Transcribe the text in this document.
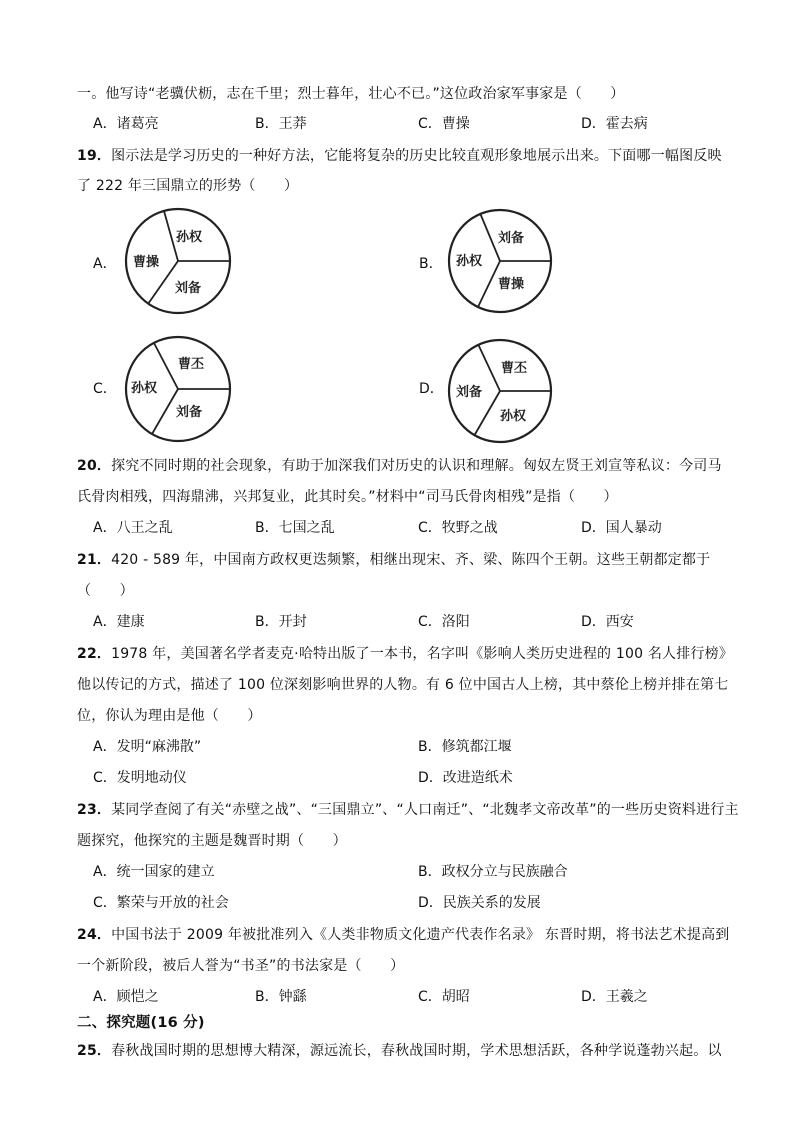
一。他写诗“老骥伏枥，志在千里；烈士暮年，壮心不已。”这位政治家军事家是（　　）
A．诸葛亮	B．王莽	C．曹操	D．霍去病
19．图示法是学习历史的一种好方法，它能将复杂的历史比较直观形象地展示出来。下面哪一幅图反映
了 222 年三国鼎立的形势（　　）
A．
孙权
曹操
刘备
B．
刘备
孙权
曹操
C．
曹丕
孙权
刘备
D．
曹丕
刘备
孙权
20．探究不同时期的社会现象，有助于加深我们对历史的认识和理解。匈奴左贤王刘宣等私议：今司马
氏骨肉相残，四海鼎沸，兴邦复业，此其时矣。”材料中“司马氏骨肉相残”是指（　　）
A．八王之乱	B．七国之乱	C．牧野之战	D．国人暴动
21．420 - 589 年，中国南方政权更迭频繁，相继出现宋、齐、梁、陈四个王朝。这些王朝都定都于
（　　）
A．建康	B．开封	C．洛阳	D．西安
22．1978 年，美国著名学者麦克·哈特出版了一本书，名字叫《影响人类历史进程的 100 名人排行榜》
他以传记的方式，描述了 100 位深刻影响世界的人物。有 6 位中国古人上榜，其中蔡伦上榜并排在第七
位，你认为理由是他（　　）
A．发明“麻沸散”	B．修筑都江堰
C．发明地动仪	D．改进造纸术
23．某同学查阅了有关“赤壁之战”、“三国鼎立”、“人口南迁”、“北魏孝文帝改革”的一些历史资料进行主
题探究，他探究的主题是魏晋时期（　　）
A．统一国家的建立	B．政权分立与民族融合
C．繁荣与开放的社会	D．民族关系的发展
24．中国书法于 2009 年被批准列入《人类非物质文化遗产代表作名录》 东晋时期，将书法艺术提高到
一个新阶段，被后人誉为“书圣”的书法家是（　　）
A．顾恺之	B．钟繇	C．胡昭	D．王羲之
二、探究题(16 分)
25．春秋战国时期的思想博大精深，源远流长，春秋战国时期，学术思想活跃，各种学说蓬勃兴起。以
